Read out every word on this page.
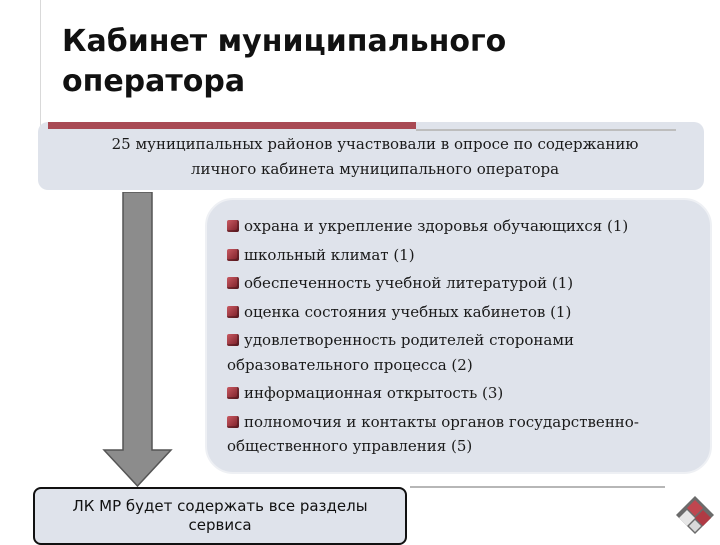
Кабинет муниципального
оператора
25 муниципальных районов участвовали в опросе по содержанию
личного кабинета муниципального оператора
охрана и укрепление здоровья обучающихся (1)
школьный климат (1)
обеспеченность учебной литературой (1)
оценка состояния учебных кабинетов (1)
удовлетворенность родителей сторонами образовательного процесса (2)
информационная открытость (3)
полномочия и контакты органов государственно-общественного управления (5)
ЛК МР будет содержать все разделы
сервиса
